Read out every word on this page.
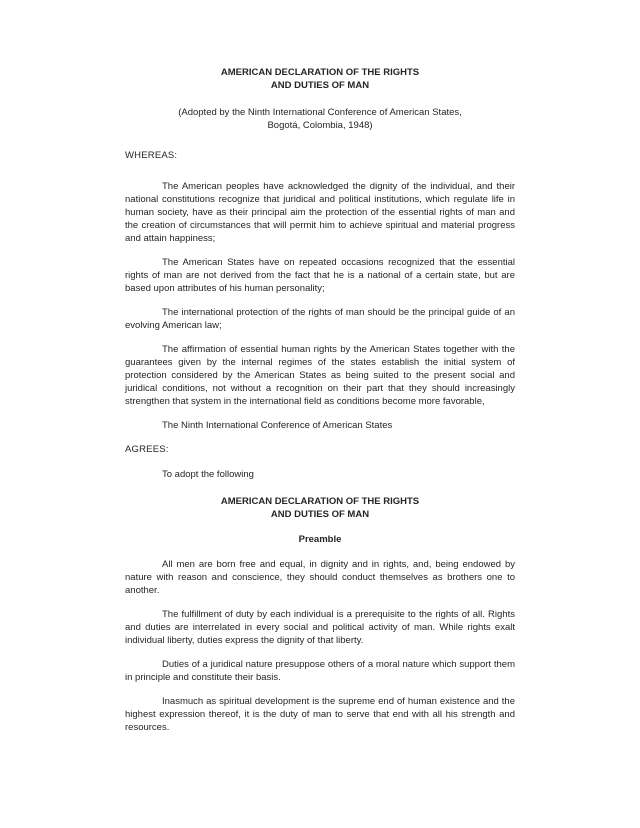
AMERICAN DECLARATION OF THE RIGHTS
AND DUTIES OF MAN
(Adopted by the Ninth International Conference of American States,
Bogotá, Colombia, 1948)
WHEREAS:

The American peoples have acknowledged the dignity of the individual, and their national constitutions recognize that juridical and political institutions, which regulate life in human society, have as their principal aim the protection of the essential rights of man and the creation of circumstances that will permit him to achieve spiritual and material progress and attain happiness;

The American States have on repeated occasions recognized that the essential rights of man are not derived from the fact that he is a national of a certain state, but are based upon attributes of his human personality;

The international protection of the rights of man should be the principal guide of an evolving American law;

The affirmation of essential human rights by the American States together with the guarantees given by the internal regimes of the states establish the initial system of protection considered by the American States as being suited to the present social and juridical conditions, not without a recognition on their part that they should increasingly strengthen that system in the international field as conditions become more favorable,

The Ninth International Conference of American States
AGREES:
To adopt the following
AMERICAN DECLARATION OF THE RIGHTS
AND DUTIES OF MAN
Preamble

All men are born free and equal, in dignity and in rights, and, being endowed by nature with reason and conscience, they should conduct themselves as brothers one to another.

The fulfillment of duty by each individual is a prerequisite to the rights of all. Rights and duties are interrelated in every social and political activity of man. While rights exalt individual liberty, duties express the dignity of that liberty.

Duties of a juridical nature presuppose others of a moral nature which support them in principle and constitute their basis.

Inasmuch as spiritual development is the supreme end of human existence and the highest expression thereof, it is the duty of man to serve that end with all his strength and resources.
